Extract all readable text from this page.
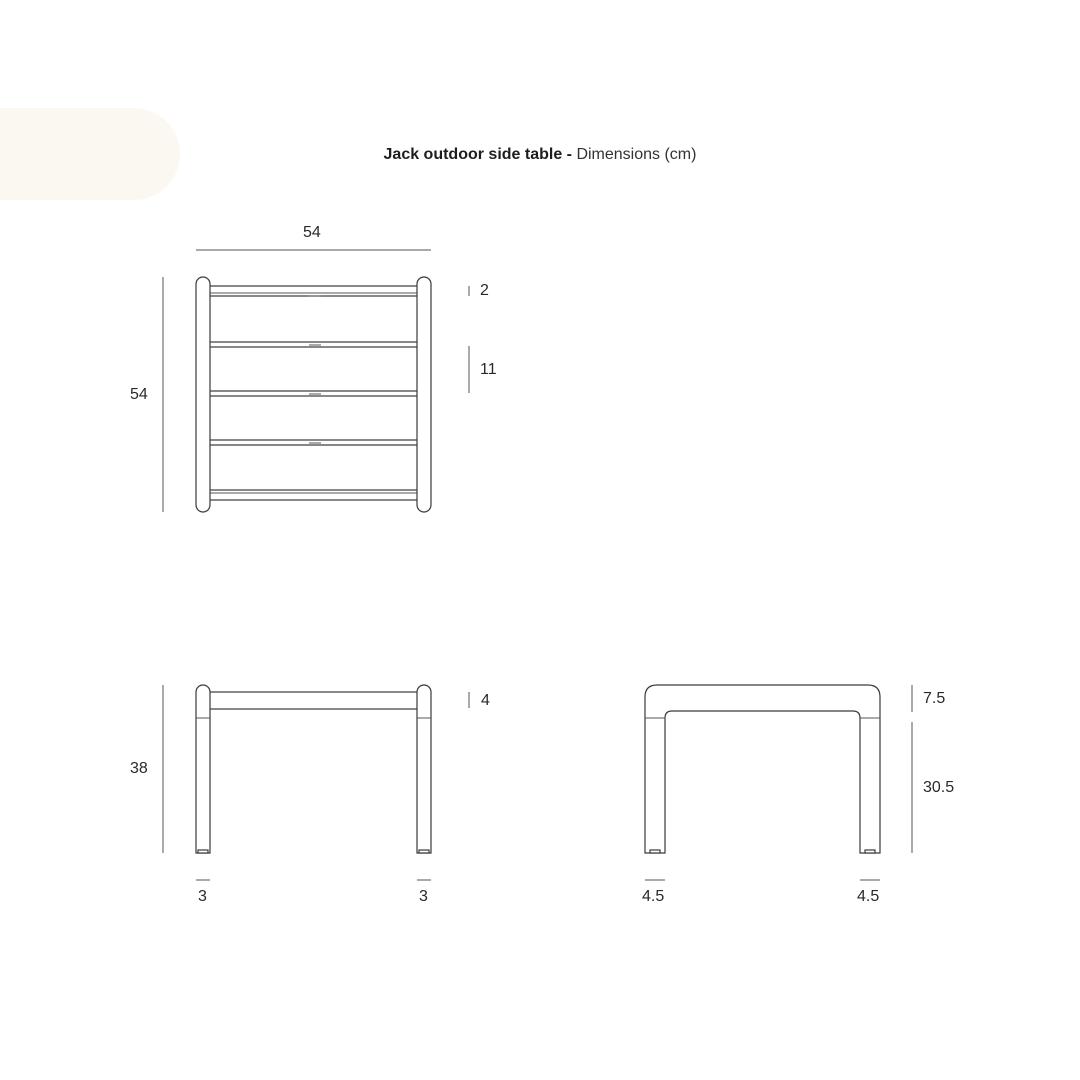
Jack outdoor side table - Dimensions (cm)
54
54
2
11
38
4
3	3
7.5
30.5
4.5	4.5
